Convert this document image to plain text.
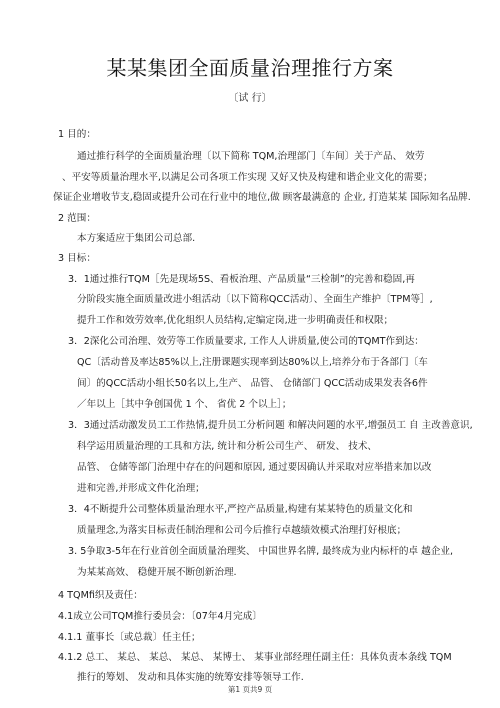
某某集团全面质量治理推行方案
〔试 行〕
1 目的：
通过推行科学的全面质量治理〔以下简称 TQM,治理部门〔车间〕关于产品、 效劳
、平安等质量治理水平,以满足公司各项工作实现 又好又快及构建和谐企业文化的需要；
保证企业增收节支,稳固或提升公司在行业中的地位,做 顾客最满意的 企业, 打造某某 国际知名品牌.
2 范围：
本方案适应于集团公司总部.
3 目标：
3．1通过推行TQM［先是现场5S、看板治理、产品质量“三检制”的完善和稳固,再
分阶段实施全面质量改进小组活动〔以下简称QCC活动〕、全面生产维护〔TPM等］,
提升工作和效劳效率,优化组织人员结构,定编定岗,进一步明确责任和权限；
3．2深化公司治理、效劳等工作质量要求, 工作人人讲质量,使公司的TQMT作到达：
QC〔活动普及率达85%以上,注册课题实现率到达80%以上,培养分布于各部门〔车
间〕的QCC活动小组长50名以上,生产、 品管、 仓储部门 QCC活动成果发表各6件
／年以上［其中争创国优 1 个、 省优 2 个以上］；
3．3通过活动激发员工工作热情,提升员工分析问题 和解决问题的水平,增强员工 自 主改善意识,
科学运用质量治理的工具和方法, 统计和分析公司生产、 研发、 技术、
品管、 仓储等部门治理中存在的问题和原因, 通过要因确认并采取对应举措来加以改
进和完善,并形成文件化治理；
3．4不断提升公司整体质量治理水平,严控产品质量,构建有某某特色的质量文化和
质量理念,为落实目标责任制治理和公司今后推行卓越绩效模式治理打好根底；
3. 5争取3-5年在行业首创全面质量治理奖、 中国世界名牌, 最终成为业内标杆的卓 越企业,
为某某高效、 稳健开展不断创新治理.
4 TQMfi织及责任：
4.1成立公司TQM推行委员会：〔07年4月完成〕
4.1.1 董事长〔或总裁〕任主任；
4.1.2 总工、 某总、 某总、 某总、 某博士、 某事业部经理任副主任：具体负责本条线 TQM
推行的筹划、 发动和具体实施的统筹安排等领导工作.
第1 页共9 页
